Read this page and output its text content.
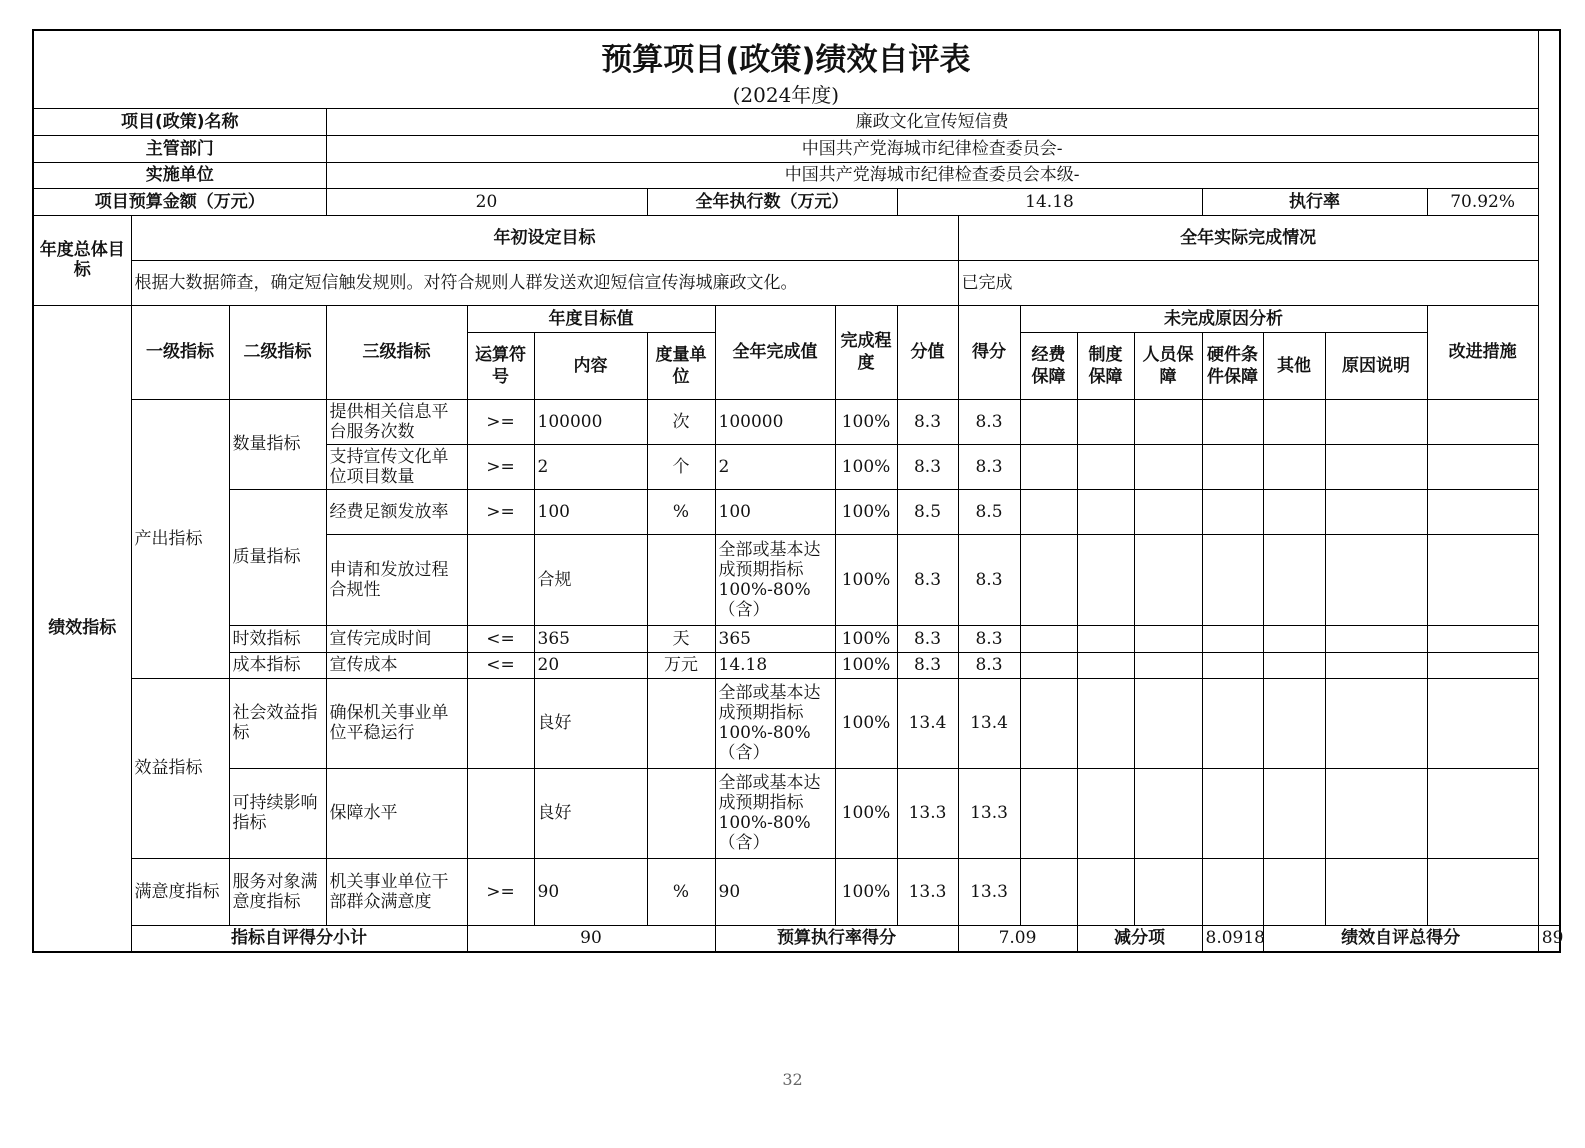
预算项目(政策)绩效自评表																		
(2024年度)																		
项目(政策)名称			廉政文化宣传短信费															
主管部门			中国共产党海城市纪律检查委员会-															
实施单位			中国共产党海城市纪律检查委员会本级-															
项目预算金额（万元）			20			全年执行数（万元）			14.18					执行率			70.92%	
年度总体目标	年初设定目标									全年实际完成情况								
	根据大数据筛查，确定短信触发规则。对符合规则人群发送欢迎短信宣传海城廉政文化。									已完成								
绩效指标	一级指标	二级指标	三级指标	年度目标值			全年完成值	完成程度	分值	得分	未完成原因分析						改进措施	
				运算符号	内容	度量单位					经费保障	制度保障	人员保障	硬件条件保障	其他	原因说明		
	产出指标	数量指标	提供相关信息平台服务次数	>=	100000	次	100000	100%	8.3	8.3								
			支持宣传文化单位项目数量	>=	2	个	2	100%	8.3	8.3								
		质量指标	经费足额发放率	>=	100	%	100	100%	8.5	8.5								
			申请和发放过程合规性		合规		全部或基本达成预期指标100%-80%（含）	100%	8.3	8.3								
		时效指标	宣传完成时间	<=	365	天	365	100%	8.3	8.3								
		成本指标	宣传成本	<=	20	万元	14.18	100%	8.3	8.3								
	效益指标	社会效益指标	确保机关事业单位平稳运行		良好		全部或基本达成预期指标100%-80%（含）	100%	13.4	13.4								
		可持续影响指标	保障水平		良好		全部或基本达成预期指标100%-80%（含）	100%	13.3	13.3								
	满意度指标	服务对象满意度指标	机关事业单位干部群众满意度	>=	90	%	90	100%	13.3	13.3								
	指标自评得分小计			90			预算执行率得分			7.09		减分项		8.0918	绩效自评总得分			89
32
